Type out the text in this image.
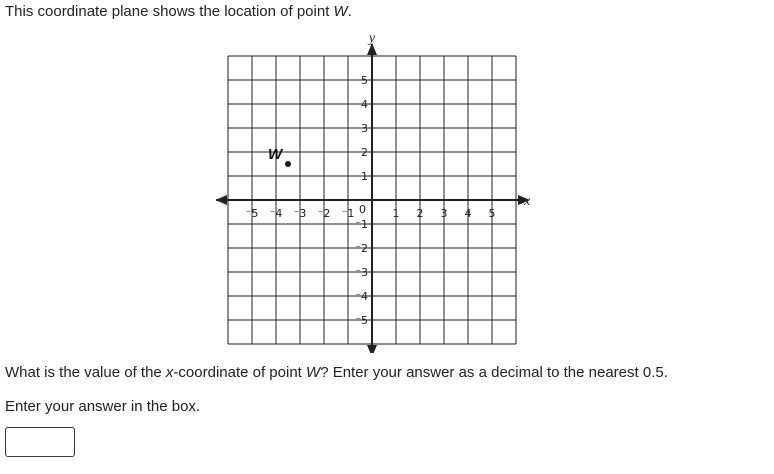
This coordinate plane shows the location of point W.

⁻5 ⁻4 ⁻3 ⁻2 ⁻1	1 2 3 4 5
5
4
3
2
1
⁻1
⁻2
⁻3
⁻4
⁻5
x
y
0
W

What is the value of the x-coordinate of point W? Enter your answer as a decimal to the nearest 0.5.

Enter your answer in the box.
